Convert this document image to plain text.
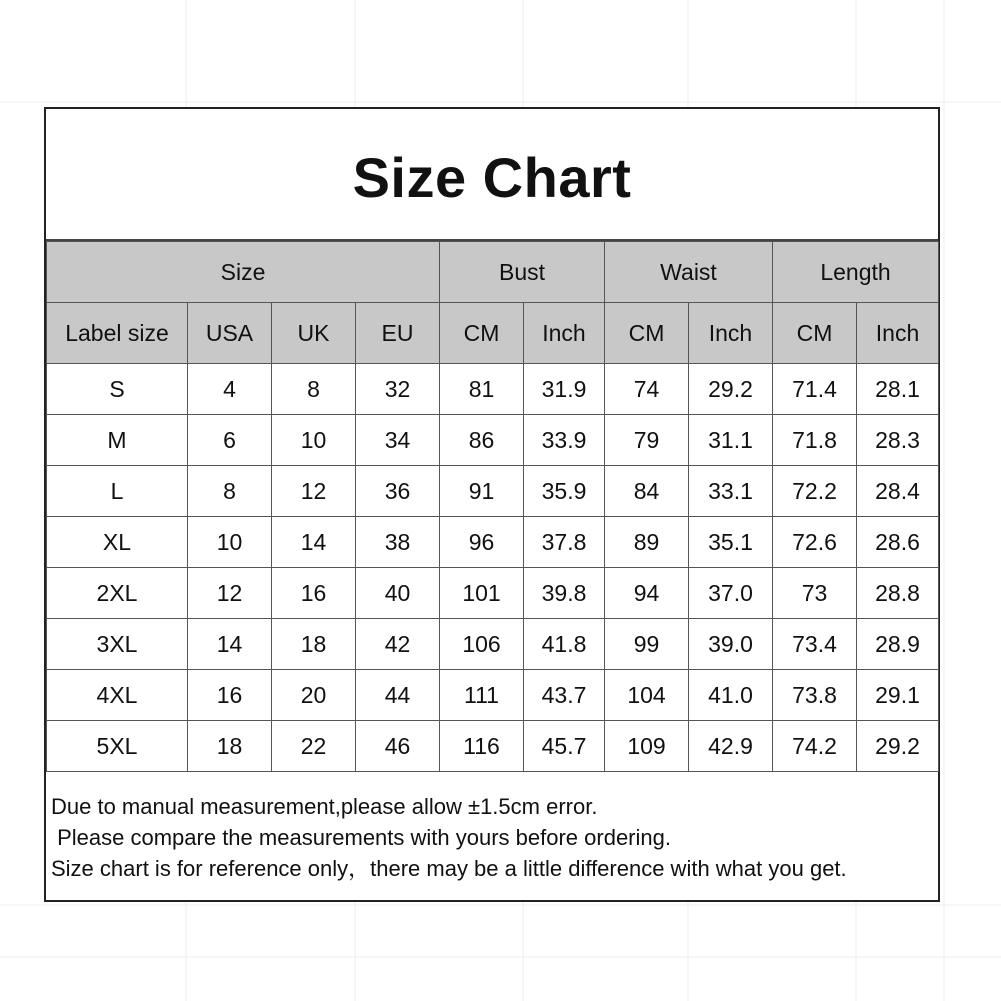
Size Chart
Size				Bust		Waist		Length	
Label size	USA	UK	EU	CM	Inch	CM	Inch	CM	Inch
S	4	8	32	81	31.9	74	29.2	71.4	28.1
M	6	10	34	86	33.9	79	31.1	71.8	28.3
L	8	12	36	91	35.9	84	33.1	72.2	28.4
XL	10	14	38	96	37.8	89	35.1	72.6	28.6
2XL	12	16	40	101	39.8	94	37.0	73	28.8
3XL	14	18	42	106	41.8	99	39.0	73.4	28.9
4XL	16	20	44	111	43.7	104	41.0	73.8	29.1
5XL	18	22	46	116	45.7	109	42.9	74.2	29.2
Due to manual measurement,please allow ±1.5cm error.
Please compare the measurements with yours before ordering.
Size chart is for reference only，there may be a little difference with what you get.
